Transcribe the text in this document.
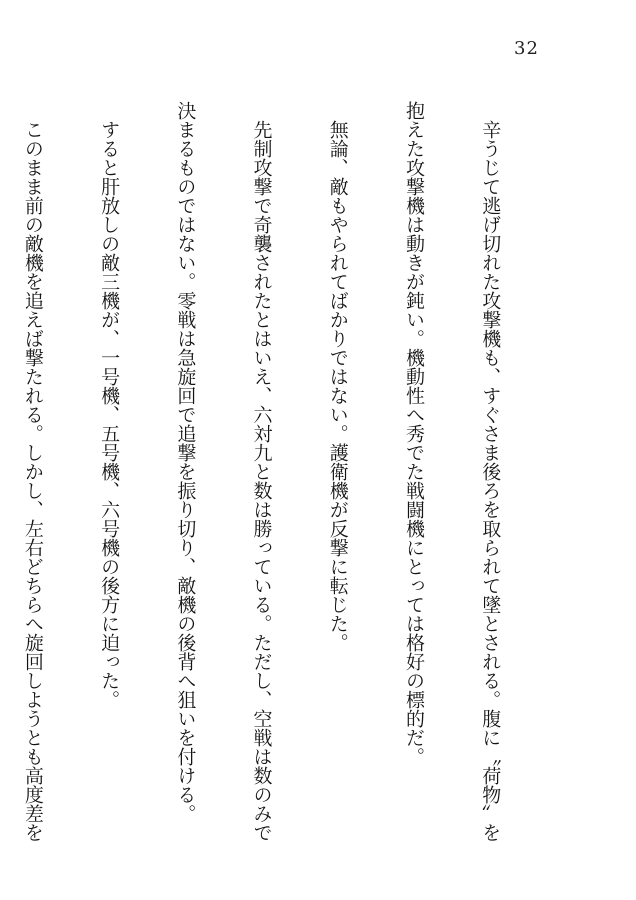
32

　辛うじて逃げ切れた攻撃機も、すぐさま後ろを取られて墜とされる。腹に〝荷物〟を

抱えた攻撃機は動きが鈍い。機動性へ秀でた戦闘機にとっては格好の標的だ。

　無論、敵もやられてばかりではない。護衛機が反撃に転じた。

　先制攻撃で奇襲されたとはいえ、六対九と数は勝っている。ただし、空戦は数のみで

決まるものではない。零戦は急旋回で追撃を振り切り、敵機の後背へ狙いを付ける。

　すると肝放しの敵三機が、一号機、五号機、六号機の後方に迫った。

　このまま前の敵機を追えば撃たれる。しかし、左右どちらへ旋回しようとも高度差を
